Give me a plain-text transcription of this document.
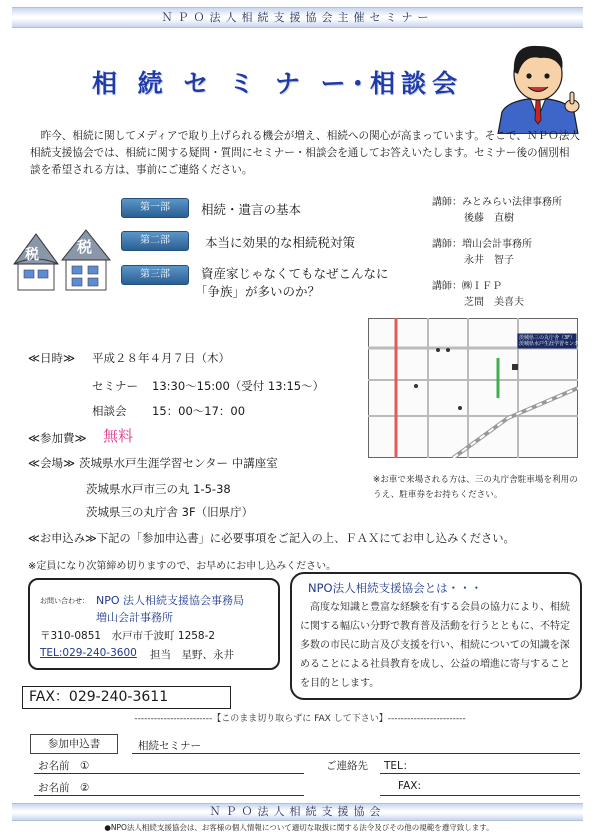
ＮＰＯ法人相続支援協会主催セミナー
相 続 セ ミ ナ ー･相談会
昨今、相続に関してメディアで取り上げられる機会が増え、相続への関心が高まっています。そこで、ＮＰＯ法人相続支援協会では、相続に関する疑問・質問にセミナー・相談会を通してお答えいたします。セミナー後の個別相談を希望される方は、事前にご連絡ください。
税	税
第一部	相続・遺言の基本
第二部	本当に効果的な相続税対策
第三部	資産家じゃなくてもなぜこんなに
「争族」が多いのか？
講師：みとみらい法律事務所
後藤　直樹
講師：増山会計事務所
永井　智子
講師：㈱ＩＦＰ
芝間　美喜夫
茨城県三の丸庁舎（3F）
茨城県水戸生涯学習センター
≪日時≫ 平成２８年４月７日（木）
セミナー 13:30～15:00（受付 13:15～）
相談会 15：00～17：00
≪参加費≫ 無料
≪会場≫ 茨城県水戸生涯学習センター 中講座室
茨城県水戸市三の丸 1-5-38
茨城県三の丸庁舎 3F（旧県庁）
※お車で来場される方は、三の丸庁舎駐車場を利用のうえ、駐車券をお持ちください。
≪お申込み≫下記の「参加申込書」に必要事項をご記入の上、ＦＡＸにてお申し込みください。
※定員になり次第締め切りますので、お早めにお申し込みください。
お問い合わせ： NPO 法人相続支援協会事務局
増山会計事務所
〒310-0851　水戸市千波町 1258-2
TEL:029-240-3600 担当　星野、永井
NPO法人相続支援協会とは・・・
高度な知識と豊富な経験を有する会員の協力により、相続に関する幅広い分野で教育普及活動を行うとともに、不特定多数の市民に助言及び支援を行い、相続についての知識を深めることによる社員教育を成し、公益の増進に寄与することを目的とします。
FAX：029-240-3611
------------------------【このまま切り取らずに FAX して下さい】------------------------
参加申込書	相続セミナー
お名前　①	ご連絡先 TEL：
お名前　②	FAX:
ＮＰＯ法人相続支援協会
●NPO法人相続支援協会は、お客様の個人情報について適切な取扱に関する法令及びその他の規範を遵守致します。
